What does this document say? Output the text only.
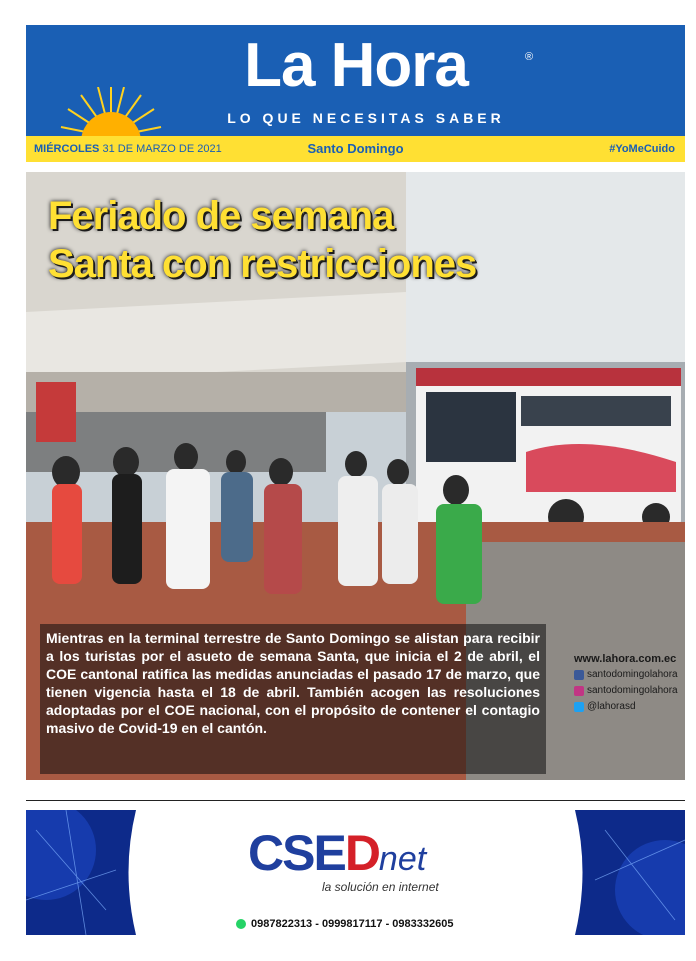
La Hora	®
LO QUE NECESITAS SABER
MIÉRCOLES 31 DE MARZO DE 2021	Santo Domingo	#YoMeCuido
Feriado de semana
Santa con restricciones
Mientras en la terminal terrestre de Santo Domingo se alistan para recibir a los turistas por el asueto de semana Santa, que inicia el 2 de abril, el COE cantonal ratifica las medidas anunciadas el pasado 17 de marzo, que tienen vigencia hasta el 18 de abril. También acogen las resoluciones adoptadas por el COE nacional, con el propósito de contener el contagio masivo de Covid-19 en el cantón.
www.lahora.com.ec
santodomingolahora
santodomingolahora
@lahorasd
CSEDnet
la solución en internet
0987822313 - 0999817117 - 0983332605
